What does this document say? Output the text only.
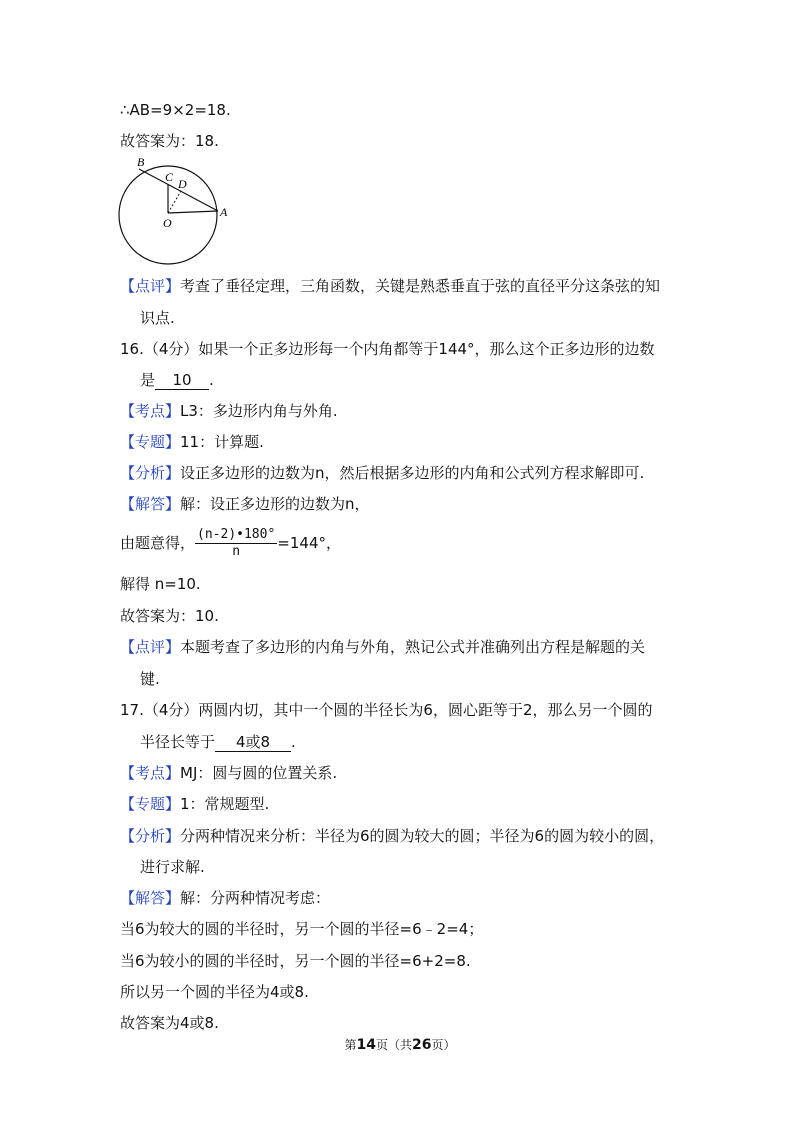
∴AB=9×2=18.
故答案为：18.
B
C D
O
A
【点评】考查了垂径定理，三角函数，关键是熟悉垂直于弦的直径平分这条弦的知
识点.
16.（4分）如果一个正多边形每一个内角都等于144°，那么这个正多边形的边数
是 10 .
【考点】L3：多边形内角与外角.
【专题】11：计算题.
【分析】设正多边形的边数为n，然后根据多边形的内角和公式列方程求解即可.
【解答】解：设正多边形的边数为n，
由题意得， $\frac{(n-2)•180^\circ}{n} =144^\circ$，
解得 n=10.
故答案为：10.
【点评】本题考查了多边形的内角与外角，熟记公式并准确列出方程是解题的关
键.
17.（4分）两圆内切，其中一个圆的半径长为6，圆心距等于2，那么另一个圆的
半径长等于 4或8 .
【考点】MJ：圆与圆的位置关系.
【专题】1：常规题型.
【分析】分两种情况来分析：半径为6的圆为较大的圆；半径为6的圆为较小的圆，
进行求解.
【解答】解：分两种情况考虑：
当6为较大的圆的半径时，另一个圆的半径=6﹣2=4；
当6为较小的圆的半径时，另一个圆的半径=6+2=8.
所以另一个圆的半径为4或8.
故答案为4或8.
第14页（共26页）
